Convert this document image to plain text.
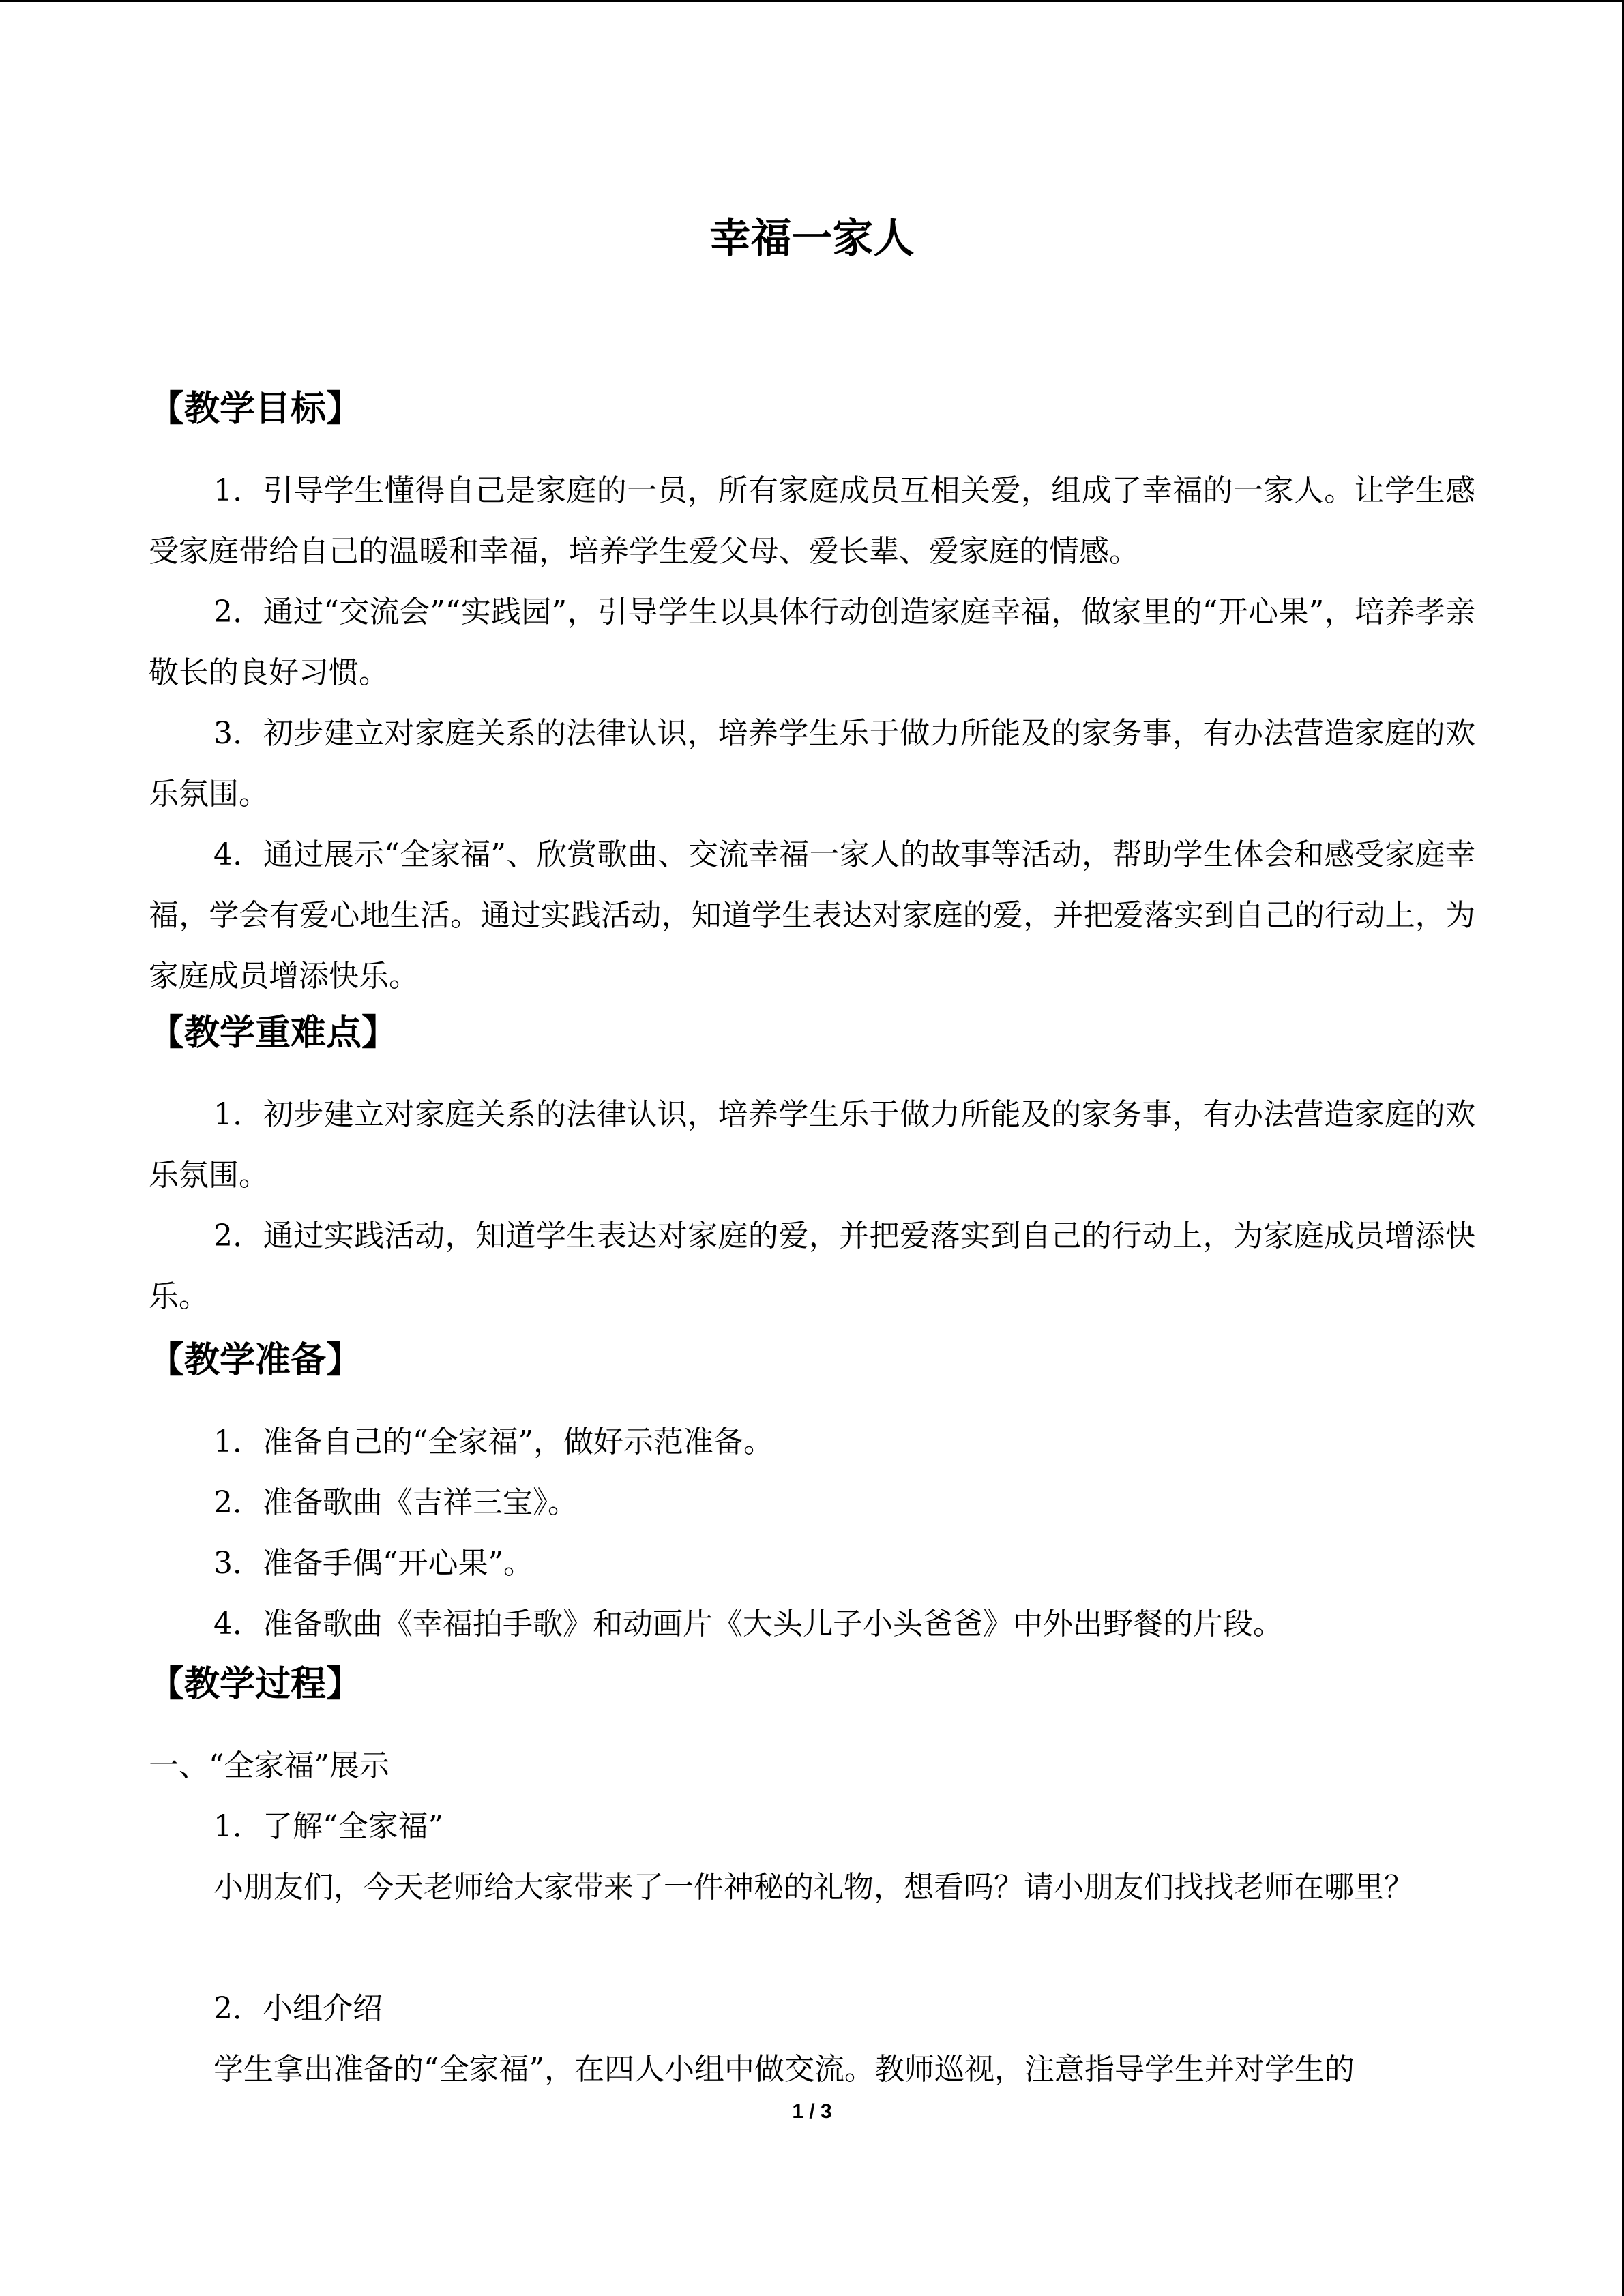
幸福一家人
【教学目标】
1．引导学生懂得自己是家庭的一员，所有家庭成员互相关爱，组成了幸福的一家人。让学生感受家庭带给自己的温暖和幸福，培养学生爱父母、爱长辈、爱家庭的情感。
2．通过“交流会”“实践园”，引导学生以具体行动创造家庭幸福，做家里的“开心果”，培养孝亲敬长的良好习惯。
3．初步建立对家庭关系的法律认识，培养学生乐于做力所能及的家务事，有办法营造家庭的欢乐氛围。
4．通过展示“全家福”、欣赏歌曲、交流幸福一家人的故事等活动，帮助学生体会和感受家庭幸福，学会有爱心地生活。通过实践活动，知道学生表达对家庭的爱，并把爱落实到自己的行动上，为家庭成员增添快乐。
【教学重难点】
1．初步建立对家庭关系的法律认识，培养学生乐于做力所能及的家务事，有办法营造家庭的欢乐氛围。
2．通过实践活动，知道学生表达对家庭的爱，并把爱落实到自己的行动上，为家庭成员增添快乐。
【教学准备】
1．准备自己的“全家福”，做好示范准备。
2．准备歌曲《吉祥三宝》。
3．准备手偶“开心果”。
4．准备歌曲《幸福拍手歌》和动画片《大头儿子小头爸爸》中外出野餐的片段。
【教学过程】
一、“全家福”展示
1．了解“全家福”
小朋友们，今天老师给大家带来了一件神秘的礼物，想看吗？请小朋友们找找老师在哪里？
2．小组介绍
学生拿出准备的“全家福”，在四人小组中做交流。教师巡视，注意指导学生并对学生的
1 / 3
